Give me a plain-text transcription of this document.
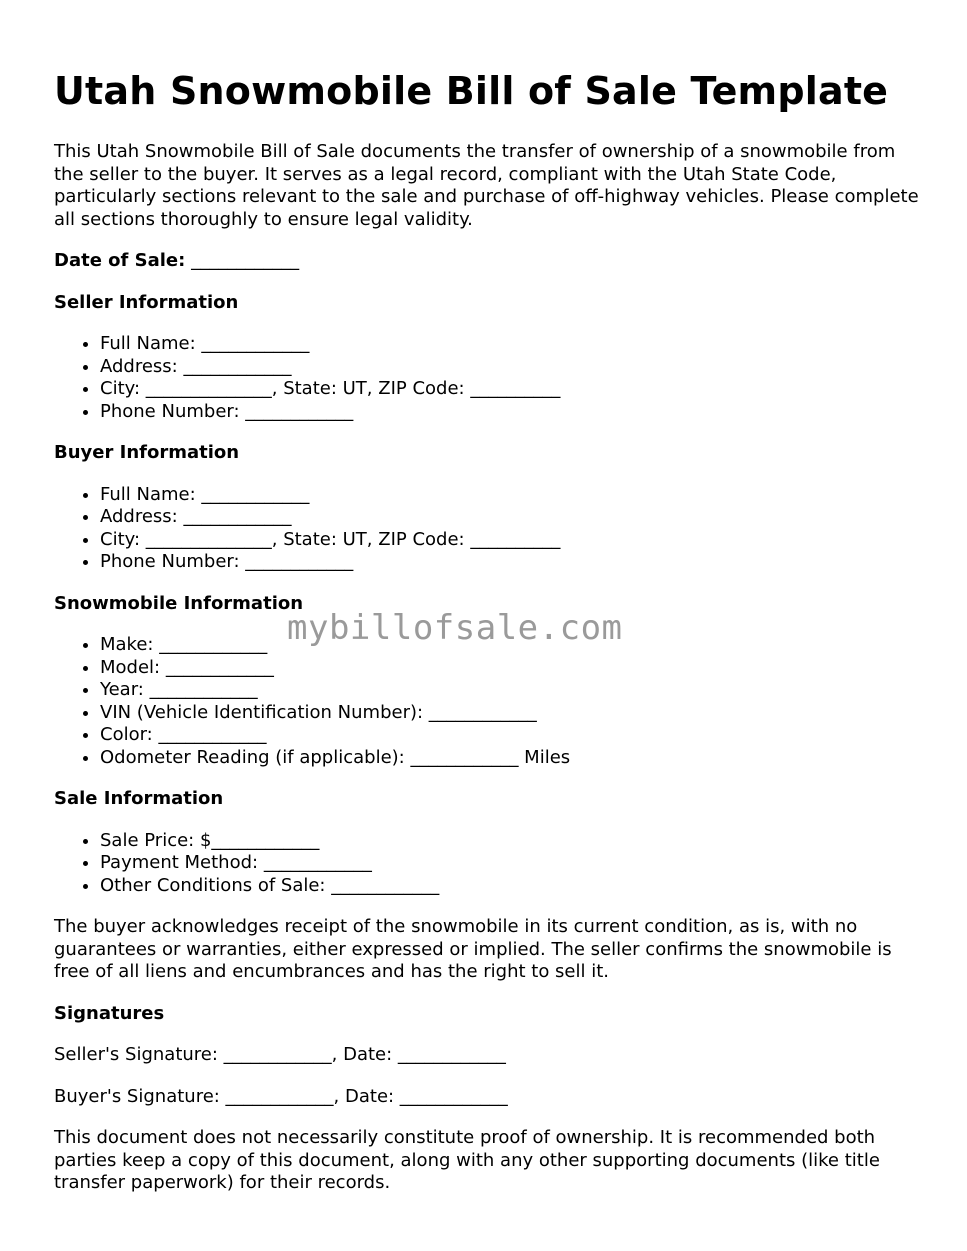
Utah Snowmobile Bill of Sale Template

This Utah Snowmobile Bill of Sale documents the transfer of ownership of a snowmobile from the seller to the buyer. It serves as a legal record, compliant with the Utah State Code, particularly sections relevant to the sale and purchase of off-highway vehicles. Please complete all sections thoroughly to ensure legal validity.

Date of Sale: ____________

Seller Information
• Full Name: ____________
• Address: ____________
• City: ______________, State: UT, ZIP Code: __________
• Phone Number: ____________
Buyer Information
• Full Name: ____________
• Address: ____________
• City: ______________, State: UT, ZIP Code: __________
• Phone Number: ____________
Snowmobile Information
• Make: ____________
• Model: ____________
• Year: ____________
• VIN (Vehicle Identification Number): ____________
• Color: ____________
• Odometer Reading (if applicable): ____________ Miles
Sale Information
• Sale Price: $____________
• Payment Method: ____________
• Other Conditions of Sale: ____________

The buyer acknowledges receipt of the snowmobile in its current condition, as is, with no guarantees or warranties, either expressed or implied. The seller confirms the snowmobile is free of all liens and encumbrances and has the right to sell it.

Signatures

Seller's Signature: ____________, Date: ____________

Buyer's Signature: ____________, Date: ____________

This document does not necessarily constitute proof of ownership. It is recommended both parties keep a copy of this document, along with any other supporting documents (like title transfer paperwork) for their records.

mybillofsale.com
